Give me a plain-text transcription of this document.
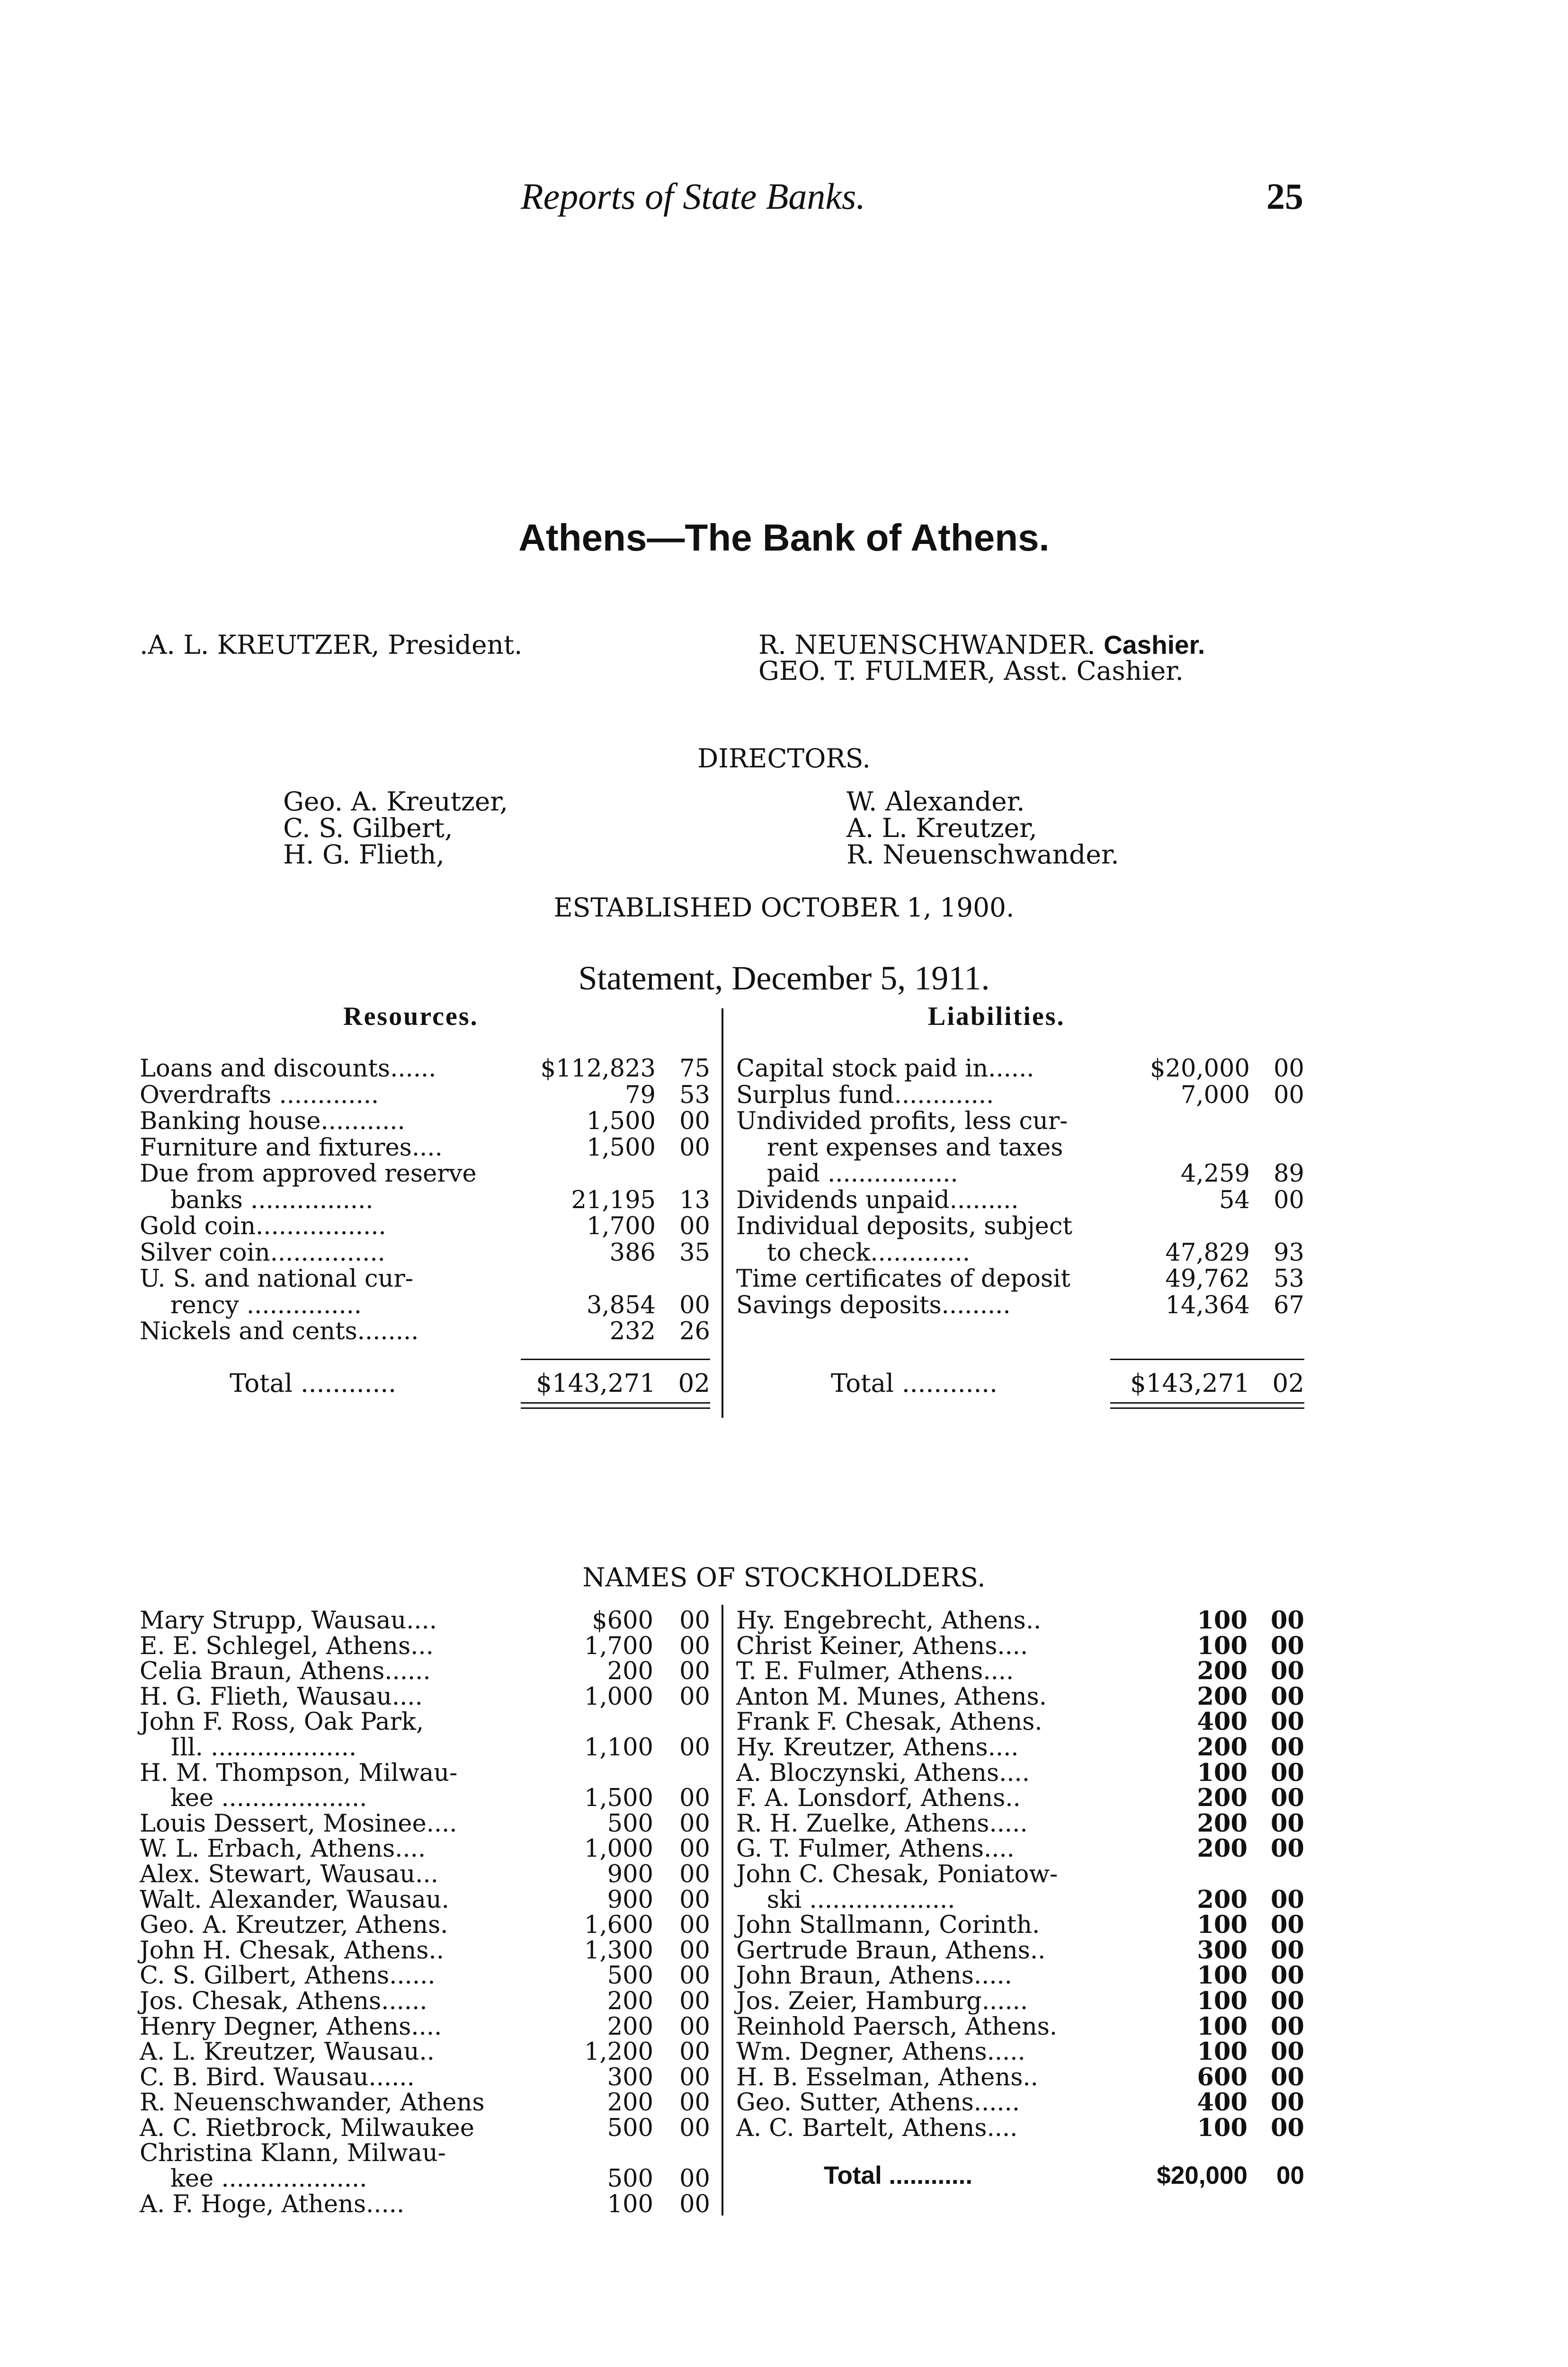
Reports of State Banks.	25
Athens—The Bank of Athens.
.A. L. KREUTZER, President.	R. NEUENSCHWANDER. Cashier.
GEO. T. FULMER, Asst. Cashier.
DIRECTORS.
Geo. A. Kreutzer,
C. S. Gilbert,
H. G. Flieth,
W. Alexander.
A. L. Kreutzer,
R. Neuenschwander.
ESTABLISHED OCTOBER 1, 1900.
Statement, December 5, 1911.
Resources.	Liabilities.
Loans and discounts......	$112,823 75
Overdrafts .............	79 53
Banking house...........	1,500 00
Furniture and fixtures....	1,500 00
Due from approved reserve
banks ................	21,195 13
Gold coin.................	1,700 00
Silver coin...............	386 35
U. S. and national cur-
rency ...............	3,854 00
Nickels and cents........	232 26
Capital stock paid in......	$20,000 00
Surplus fund.............	7,000 00
Undivided profits, less cur-
rent expenses and taxes
paid .................	4,259 89
Dividends unpaid.........	54 00
Individual deposits, subject
to check.............	47,829 93
Time certificates of deposit	49,762 53
Savings deposits.........	14,364 67
Total ............	$143,271 02	Total ............	$143,271 02
NAMES OF STOCKHOLDERS.
Mary Strupp, Wausau....	$600 00
E. E. Schlegel, Athens...	1,700 00
Celia Braun, Athens......	200 00
H. G. Flieth, Wausau....	1,000 00
John F. Ross, Oak Park,
Ill. ...................	1,100 00
H. M. Thompson, Milwau-
kee ...................	1,500 00
Louis Dessert, Mosinee....	500 00
W. L. Erbach, Athens....	1,000 00
Alex. Stewart, Wausau...	900 00
Walt. Alexander, Wausau.	900 00
Geo. A. Kreutzer, Athens.	1,600 00
John H. Chesak, Athens..	1,300 00
C. S. Gilbert, Athens......	500 00
Jos. Chesak, Athens......	200 00
Henry Degner, Athens....	200 00
A. L. Kreutzer, Wausau..	1,200 00
C. B. Bird. Wausau......	300 00
R. Neuenschwander, Athens	200 00
A. C. Rietbrock, Milwaukee	500 00
Christina Klann, Milwau-
kee ...................	500 00
A. F. Hoge, Athens.....	100 00
Hy. Engebrecht, Athens..	100 00
Christ Keiner, Athens....	100 00
T. E. Fulmer, Athens....	200 00
Anton M. Munes, Athens.	200 00
Frank F. Chesak, Athens.	400 00
Hy. Kreutzer, Athens....	200 00
A. Bloczynski, Athens....	100 00
F. A. Lonsdorf, Athens..	200 00
R. H. Zuelke, Athens.....	200 00
G. T. Fulmer, Athens....	200 00
John C. Chesak, Poniatow-
ski ...................	200 00
John Stallmann, Corinth.	100 00
Gertrude Braun, Athens..	300 00
John Braun, Athens.....	100 00
Jos. Zeier, Hamburg......	100 00
Reinhold Paersch, Athens.	100 00
Wm. Degner, Athens.....	100 00
H. B. Esselman, Athens..	600 00
Geo. Sutter, Athens......	400 00
A. C. Bartelt, Athens....	100 00
Total ............	$20,000	00
